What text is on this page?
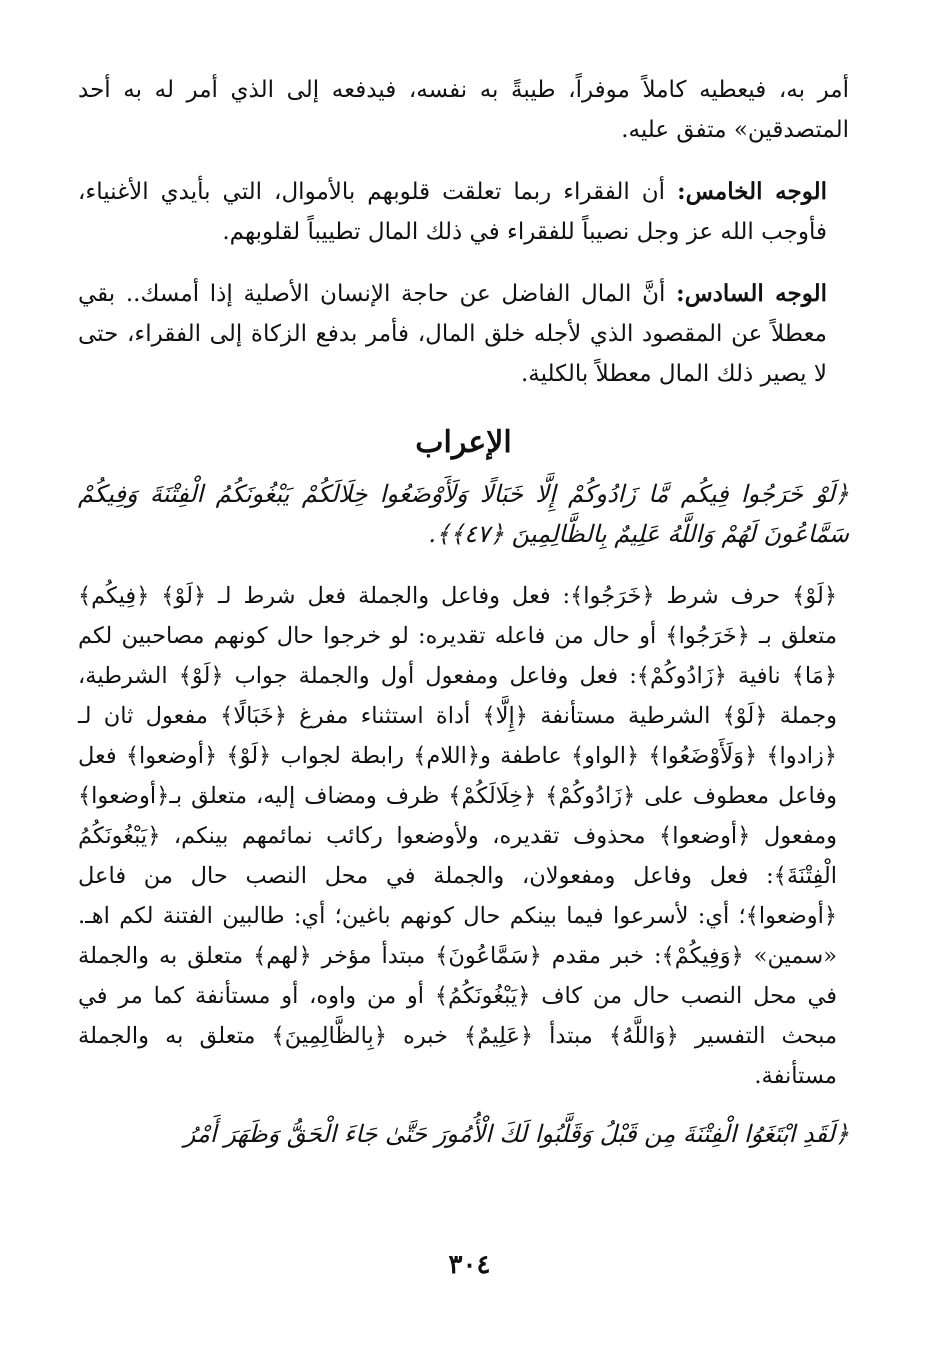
أمر به، فيعطيه كاملاً موفراً، طيبةً به نفسه، فيدفعه إلى الذي أمر له به أحد المتصدقين» متفق عليه.

الوجه الخامس: أن الفقراء ربما تعلقت قلوبهم بالأموال، التي بأيدي الأغنياء، فأوجب الله عز وجل نصيباً للفقراء في ذلك المال تطييباً لقلوبهم.

الوجه السادس: أنَّ المال الفاضل عن حاجة الإنسان الأصلية إذا أمسك.. بقي معطلاً عن المقصود الذي لأجله خلق المال، فأمر بدفع الزكاة إلى الفقراء، حتى لا يصير ذلك المال معطلاً بالكلية.

الإعراب

﴿لَوْ خَرَجُوا فِيكُم مَّا زَادُوكُمْ إِلَّا خَبَالًا وَلَأَوْضَعُوا خِلَالَكُمْ يَبْغُونَكُمُ الْفِتْنَةَ وَفِيكُمْ سَمَّاعُونَ لَهُمْ وَاللَّهُ عَلِيمٌ بِالظَّالِمِينَ ﴿٤٧﴾﴾.

﴿لَوْ﴾ حرف شرط ﴿خَرَجُوا﴾: فعل وفاعل والجملة فعل شرط لـ ﴿لَوْ﴾ ﴿فِيكُم﴾ متعلق بـ ﴿خَرَجُوا﴾ أو حال من فاعله تقديره: لو خرجوا حال كونهم مصاحبين لكم ﴿مَا﴾ نافية ﴿زَادُوكُمْ﴾: فعل وفاعل ومفعول أول والجملة جواب ﴿لَوْ﴾ الشرطية، وجملة ﴿لَوْ﴾ الشرطية مستأنفة ﴿إِلَّا﴾ أداة استثناء مفرغ ﴿خَبَالًا﴾ مفعول ثان لـ ﴿زادوا﴾ ﴿وَلَأَوْضَعُوا﴾ ﴿الواو﴾ عاطفة و﴿اللام﴾ رابطة لجواب ﴿لَوْ﴾ ﴿أوضعوا﴾ فعل وفاعل معطوف على ﴿زَادُوكُمْ﴾ ﴿خِلَالَكُمْ﴾ ظرف ومضاف إليه، متعلق بـ﴿أوضعوا﴾ ومفعول ﴿أوضعوا﴾ محذوف تقديره، ولأوضعوا ركائب نمائمهم بينكم، ﴿يَبْغُونَكُمُ الْفِتْنَةَ﴾: فعل وفاعل ومفعولان، والجملة في محل النصب حال من فاعل ﴿أوضعوا﴾؛ أي: لأسرعوا فيما بينكم حال كونهم باغين؛ أي: طالبين الفتنة لكم اهـ. «سمين» ﴿وَفِيكُمْ﴾: خبر مقدم ﴿سَمَّاعُونَ﴾ مبتدأ مؤخر ﴿لهم﴾ متعلق به والجملة في محل النصب حال من كاف ﴿يَبْغُونَكُمُ﴾ أو من واوه، أو مستأنفة كما مر في مبحث التفسير ﴿وَاللَّهُ﴾ مبتدأ ﴿عَلِيمٌ﴾ خبره ﴿بِالظَّالِمِينَ﴾ متعلق به والجملة مستأنفة.

﴿لَقَدِ ابْتَغَوُا الْفِتْنَةَ مِن قَبْلُ وَقَلَّبُوا لَكَ الْأُمُورَ حَتَّىٰ جَاءَ الْحَقُّ وَظَهَرَ أَمْرُ

٣٠٤
